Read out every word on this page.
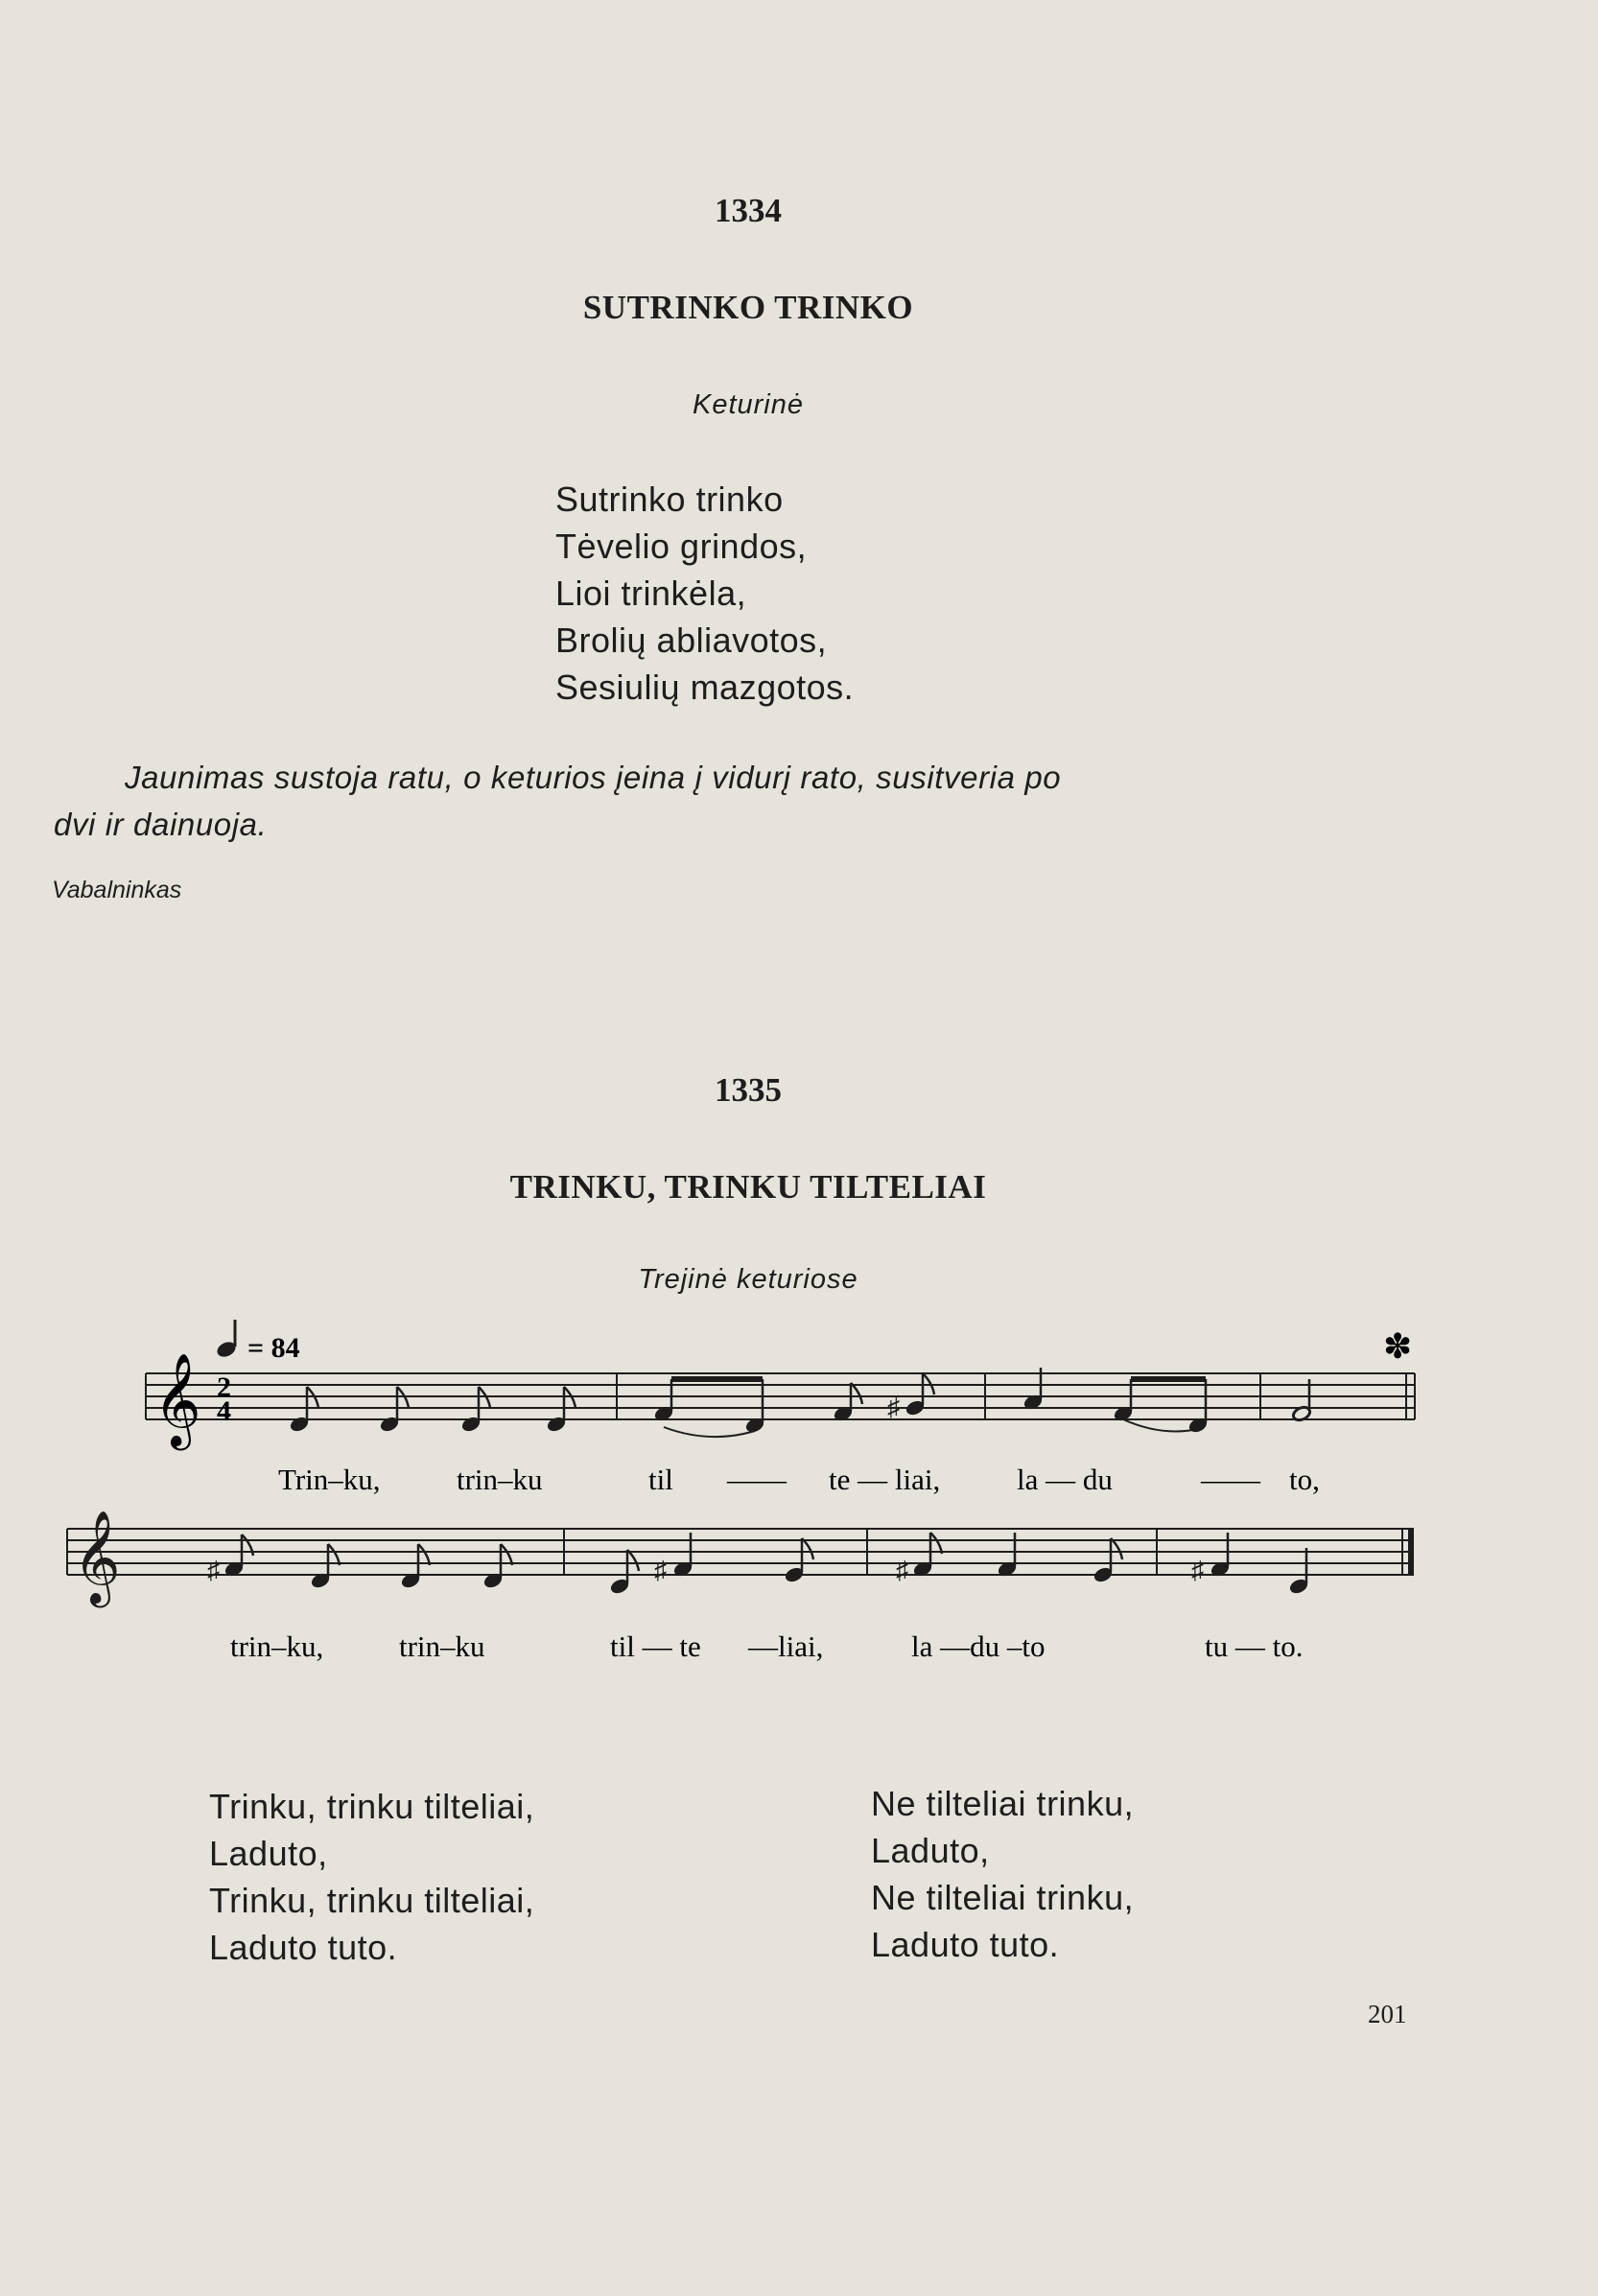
1334
SUTRINKO TRINKO
Keturinė
Sutrinko trinko
Tėvelio grindos,
Lioi trinkėla,
Brolių abliavotos,
Sesiulių mazgotos.
Jaunimas sustoja ratu, o keturios įeina į vidurį rato, susitveria po
dvi ir dainuoja.
Vabalninkas
1335
TRINKU, TRINKU TILTELIAI
Trejinė keturiose
= 84	✽
𝄞 2
4	♯
Trin–ku,	trin–ku	til —— te — liai,	la — du	—— to,
𝄞	♯	♯	♯	♯
trin–ku,	trin–ku	til — te —liai,	la —du –to	tu — to.
Trinku, trinku tilteliai,
Laduto,
Trinku, trinku tilteliai,
Laduto tuto.
Ne tilteliai trinku,
Laduto,
Ne tilteliai trinku,
Laduto tuto.
201
